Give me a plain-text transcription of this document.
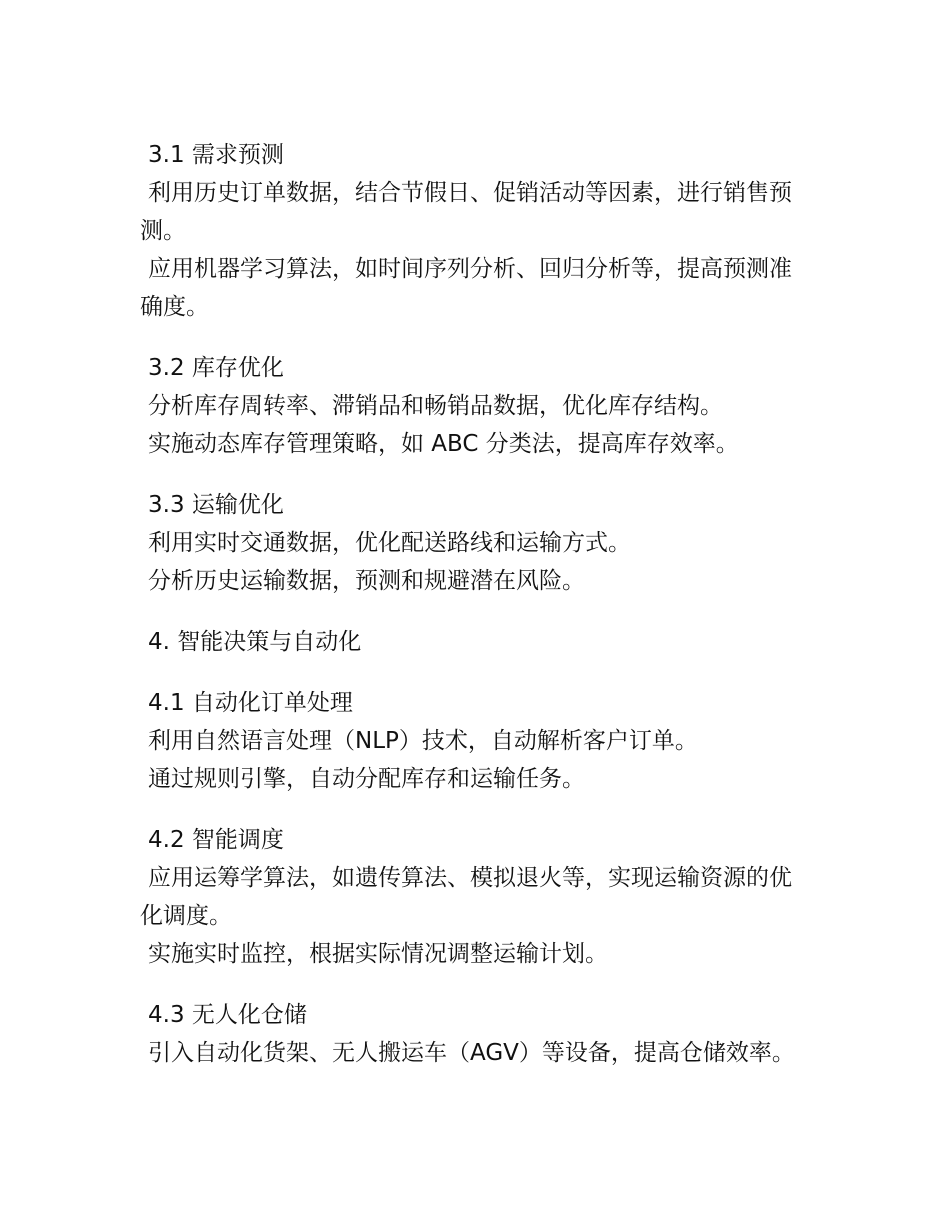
3.1 需求预测
利用历史订单数据，结合节假日、促销活动等因素，进行销售预测。
应用机器学习算法，如时间序列分析、回归分析等，提高预测准确度。
3.2 库存优化
分析库存周转率、滞销品和畅销品数据，优化库存结构。
实施动态库存管理策略，如 ABC 分类法，提高库存效率。
3.3 运输优化
利用实时交通数据，优化配送路线和运输方式。
分析历史运输数据，预测和规避潜在风险。
4. 智能决策与自动化
4.1 自动化订单处理
利用自然语言处理（NLP）技术，自动解析客户订单。
通过规则引擎，自动分配库存和运输任务。
4.2 智能调度
应用运筹学算法，如遗传算法、模拟退火等，实现运输资源的优化调度。
实施实时监控，根据实际情况调整运输计划。
4.3 无人化仓储
引入自动化货架、无人搬运车（AGV）等设备，提高仓储效率。
